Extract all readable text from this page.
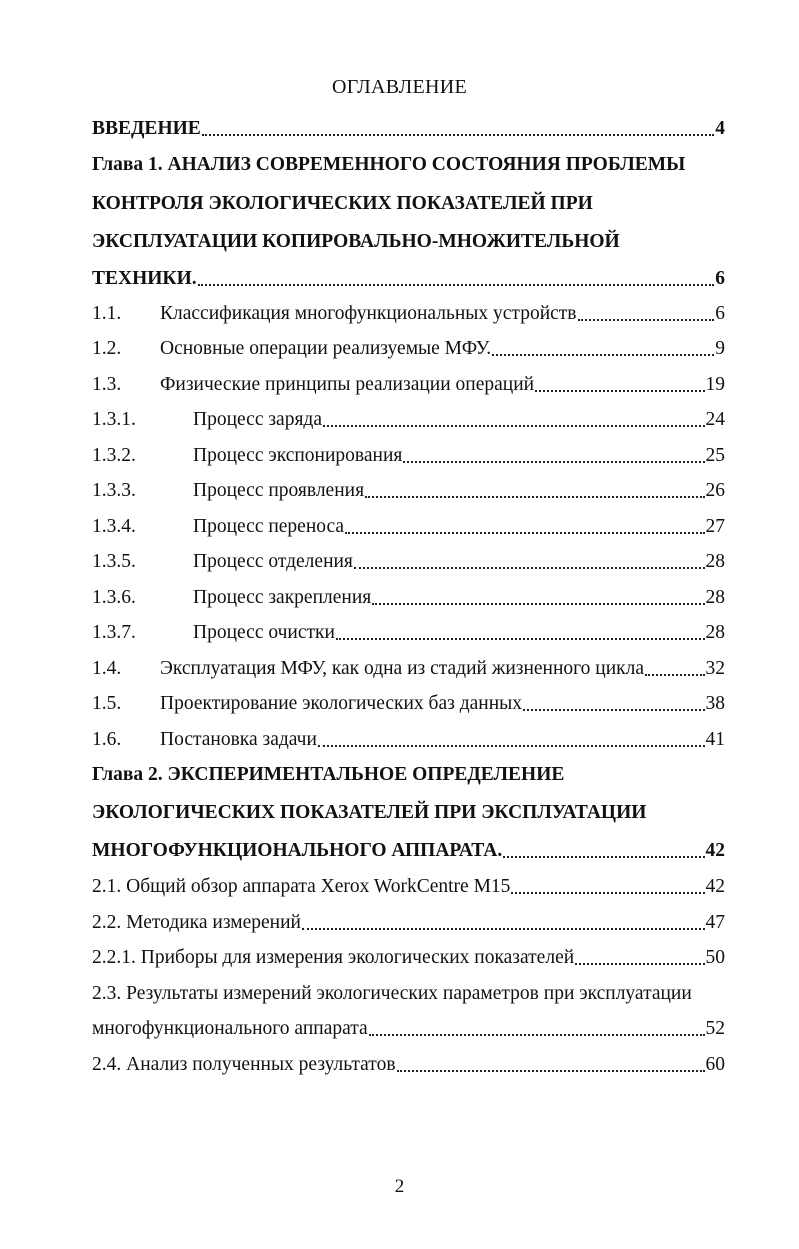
ОГЛАВЛЕНИЕ
ВВЕДЕНИЕ	4
Глава 1. АНАЛИЗ СОВРЕМЕННОГО СОСТОЯНИЯ ПРОБЛЕМЫ
КОНТРОЛЯ ЭКОЛОГИЧЕСКИХ ПОКАЗАТЕЛЕЙ ПРИ
ЭКСПЛУАТАЦИИ КОПИРОВАЛЬНО-МНОЖИТЕЛЬНОЙ
ТЕХНИКИ.	6
1.1.	Классификация многофункциональных устройств	6
1.2.	Основные операции реализуемые МФУ.	9
1.3.	Физические принципы реализации операций	19
1.3.1.	Процесс заряда	24
1.3.2.	Процесс экспонирования	25
1.3.3.	Процесс проявления	26
1.3.4.	Процесс переноса	27
1.3.5.	Процесс отделения	28
1.3.6.	Процесс закрепления	28
1.3.7.	Процесс очистки	28
1.4.	Эксплуатация МФУ, как одна из стадий жизненного цикла	32
1.5.	Проектирование экологических баз данных	38
1.6.	Постановка задачи	41
Глава 2. ЭКСПЕРИМЕНТАЛЬНОЕ ОПРЕДЕЛЕНИЕ
ЭКОЛОГИЧЕСКИХ ПОКАЗАТЕЛЕЙ ПРИ ЭКСПЛУАТАЦИИ
МНОГОФУНКЦИОНАЛЬНОГО АППАРАТА.	42
2.1. Общий обзор аппарата Xerox WorkCentre M15	42
2.2. Методика измерений	47
2.2.1. Приборы для измерения экологических показателей	50
2.3. Результаты измерений экологических параметров при эксплуатации
многофункционального аппарата	52
2.4. Анализ полученных результатов	60
2
